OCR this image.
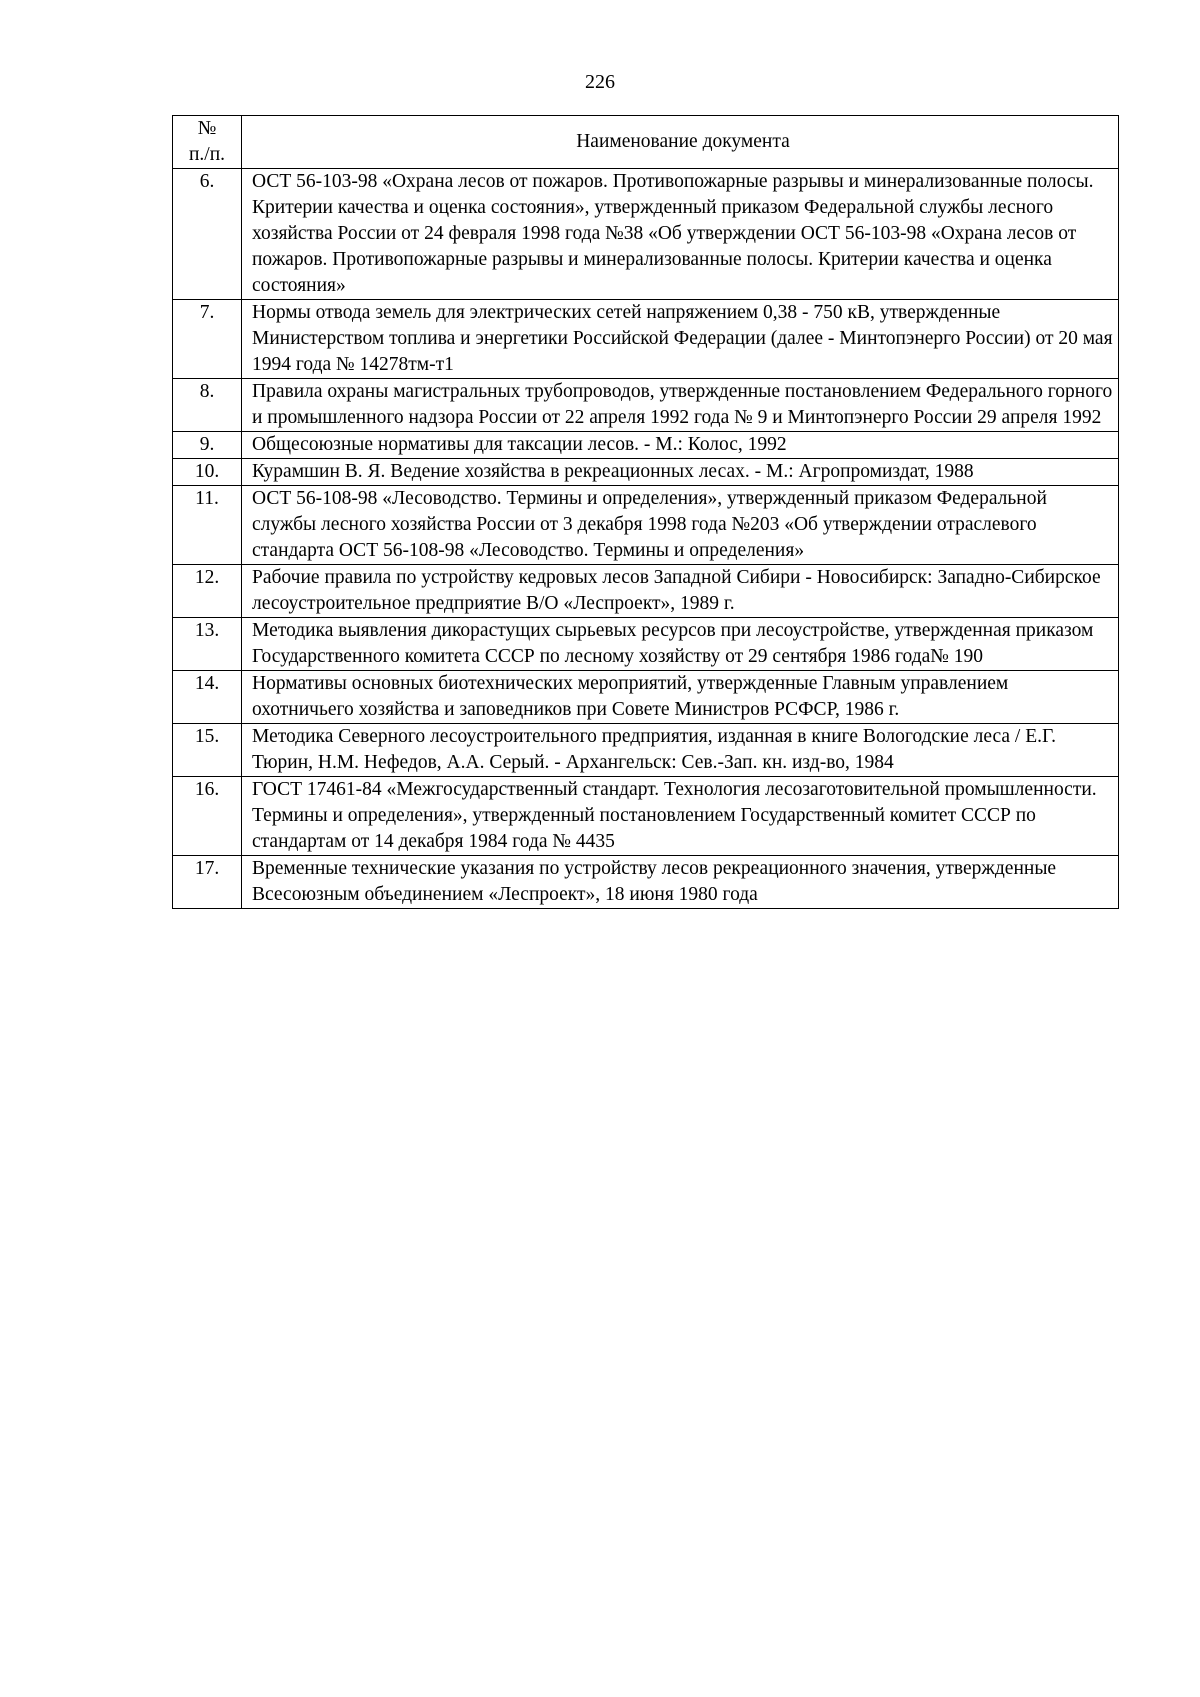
226
№
п./п.	Наименование документа
6.	ОСТ 56-103-98 «Охрана лесов от пожаров. Противопожарные разрывы и минерализованные полосы. Критерии качества и оценка состояния», утвержденный приказом Федеральной службы лесного хозяйства России от 24 февраля 1998 года №38 «Об утверждении ОСТ 56-103-98 «Охрана лесов от пожаров. Противопожарные разрывы и минерализованные полосы. Критерии качества и оценка состояния»
7.	Нормы отвода земель для электрических сетей напряжением 0,38 - 750 кВ, утвержденные Министерством топлива и энергетики Российской Федерации (далее - Минтопэнерго России) от 20 мая 1994 года № 14278тм-т1
8.	Правила охраны магистральных трубопроводов, утвержденные постановлением Федерального горного и промышленного надзора России от 22 апреля 1992 года № 9 и Минтопэнерго России 29 апреля 1992
9.	Общесоюзные нормативы для таксации лесов. - М.: Колос, 1992
10.	Курамшин В. Я. Ведение хозяйства в рекреационных лесах. - М.: Агропромиздат, 1988
11.	ОСТ 56-108-98 «Лесоводство. Термины и определения», утвержденный приказом Федеральной службы лесного хозяйства России от 3 декабря 1998 года №203 «Об утверждении отраслевого стандарта ОСТ 56-108-98 «Лесоводство. Термины и определения»
12.	Рабочие правила по устройству кедровых лесов Западной Сибири - Новосибирск: Западно-Сибирское лесоустроительное предприятие В/О «Леспроект», 1989 г.
13.	Методика выявления дикорастущих сырьевых ресурсов при лесоустройстве, утвержденная приказом Государственного комитета СССР по лесному хозяйству от 29 сентября 1986 года№ 190
14.	Нормативы основных биотехнических мероприятий, утвержденные Главным управлением охотничьего хозяйства и заповедников при Совете Министров РСФСР, 1986 г.
15.	Методика Северного лесоустроительного предприятия, изданная в книге Вологодские леса / Е.Г. Тюрин, Н.М. Нефедов, А.А. Серый. - Архангельск: Сев.-Зап. кн. изд-во, 1984
16.	ГОСТ 17461-84 «Межгосударственный стандарт. Технология лесозаготовительной промышленности. Термины и определения», утвержденный постановлением Государственный комитет СССР по стандартам от 14 декабря 1984 года № 4435
17.	Временные технические указания по устройству лесов рекреационного значения, утвержденные Всесоюзным объединением «Леспроект», 18 июня 1980 года
